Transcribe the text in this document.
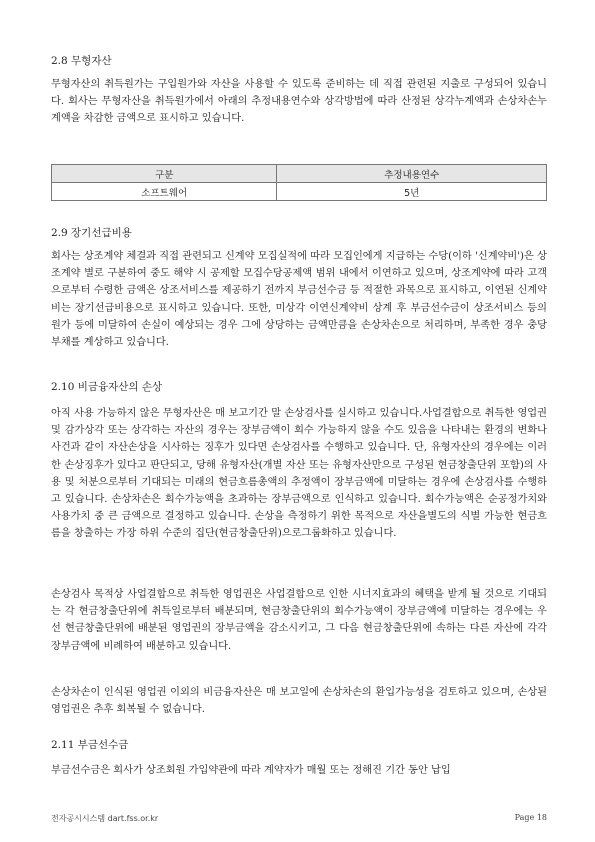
2.8 무형자산

무형자산의 취득원가는 구입원가와 자산을 사용할 수 있도록 준비하는 데 직접 관련된 지출로 구성되어 있습니다. 회사는 무형자산을 취득원가에서 아래의 추정내용연수와 상각방법에 따라 산정된 상각누계액과 손상차손누계액을 차감한 금액으로 표시하고 있습니다.

구분	추정내용연수
소프트웨어	5년
2.9 장기선급비용

회사는 상조계약 체결과 직접 관련되고 신계약 모집실적에 따라 모집인에게 지급하는 수당(이하 '신계약비')은 상조계약 별로 구분하여 중도 해약 시 공제할 모집수당공제액 범위 내에서 이연하고 있으며, 상조계약에 따라 고객으로부터 수령한 금액은 상조서비스를 제공하기 전까지 부금선수금 등 적절한 과목으로 표시하고, 이연된 신계약비는 장기선급비용으로 표시하고 있습니다. 또한, 미상각 이연신계약비 상계 후 부금선수금이 상조서비스 등의 원가 등에 미달하여 손실이 예상되는 경우 그에 상당하는 금액만큼을 손상차손으로 처리하며, 부족한 경우 충당부채를 계상하고 있습니다.

2.10 비금융자산의 손상

아직 사용 가능하지 않은 무형자산은 매 보고기간 말 손상검사를 실시하고 있습니다.사업결합으로 취득한 영업권 및 감가상각 또는 상각하는 자산의 경우는 장부금액이 회수 가능하지 않을 수도 있음을 나타내는 환경의 변화나 사건과 같이 자산손상을 시사하는 징후가 있다면 손상검사를 수행하고 있습니다. 단, 유형자산의 경우에는 이러한 손상징후가 있다고 판단되고, 당해 유형자산(개별 자산 또는 유형자산만으로 구성된 현금창출단위 포함)의 사용 및 처분으로부터 기대되는 미래의 현금흐름총액의 추정액이 장부금액에 미달하는 경우에 손상검사를 수행하고 있습니다. 손상차손은 회수가능액을 초과하는 장부금액으로 인식하고 있습니다. 회수가능액은 순공정가치와 사용가치 중 큰 금액으로 결정하고 있습니다. 손상을 측정하기 위한 목적으로 자산을별도의 식별 가능한 현금흐름을 창출하는 가장 하위 수준의 집단(현금창출단위)으로그룹화하고 있습니다.

손상검사 목적상 사업결합으로 취득한 영업권은 사업결합으로 인한 시너지효과의 혜택을 받게 될 것으로 기대되는 각 현금창출단위에 취득일로부터 배분되며, 현금창출단위의 회수가능액이 장부금액에 미달하는 경우에는 우선 현금창출단위에 배분된 영업권의 장부금액을 감소시키고, 그 다음 현금창출단위에 속하는 다른 자산에 각각 장부금액에 비례하여 배분하고 있습니다.

손상차손이 인식된 영업권 이외의 비금융자산은 매 보고일에 손상차손의 환입가능성을 검토하고 있으며, 손상된 영업권은 추후 회복될 수 없습니다.

2.11 부금선수금

부금선수금은 회사가 상조회원 가입약관에 따라 계약자가 매월 또는 정해진 기간 동안 납입

전자공시시스템 dart.fss.or.kr	Page 18
